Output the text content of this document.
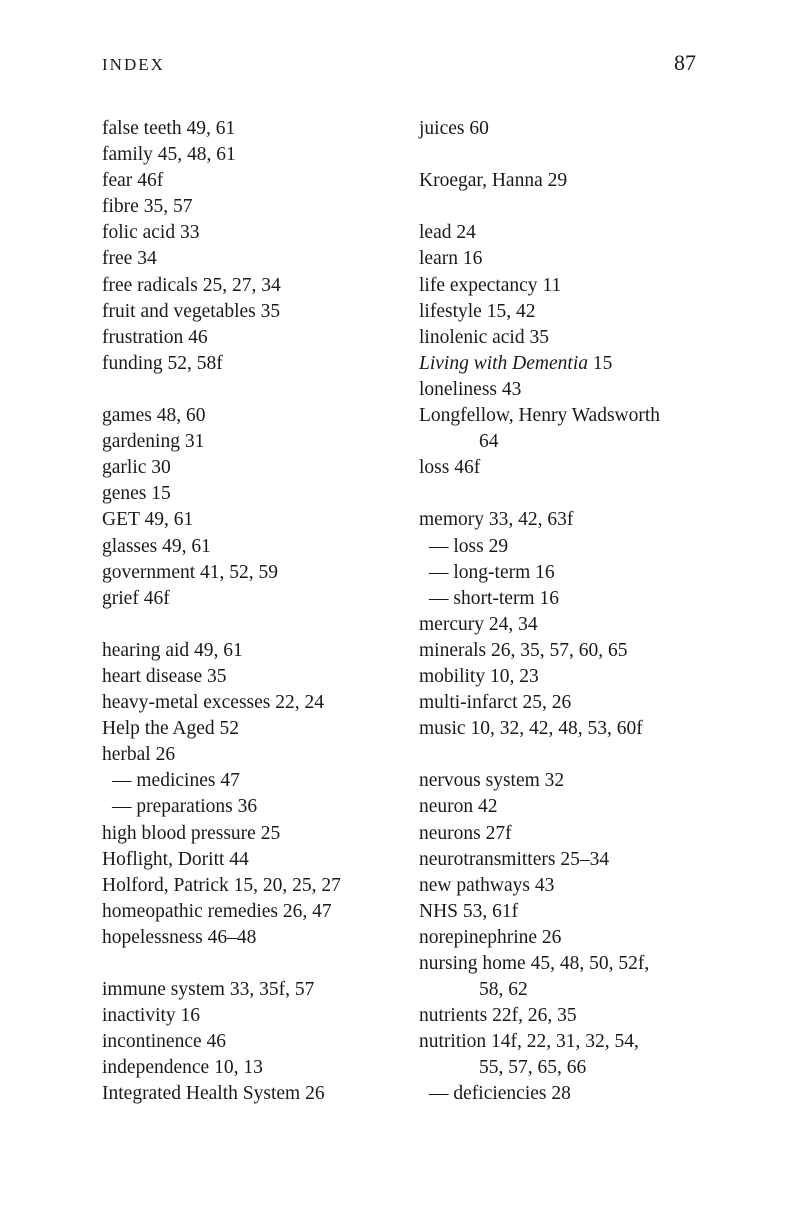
INDEX	87
false teeth 49, 61
family 45, 48, 61
fear 46f
fibre 35, 57
folic acid 33
free 34
free radicals 25, 27, 34
fruit and vegetables 35
frustration 46
funding 52, 58f
games 48, 60
gardening 31
garlic 30
genes 15
GET 49, 61
glasses 49, 61
government 41, 52, 59
grief 46f
hearing aid 49, 61
heart disease 35
heavy-metal excesses 22, 24
Help the Aged 52
herbal 26
— medicines 47
— preparations 36
high blood pressure 25
Hoflight, Doritt 44
Holford, Patrick 15, 20, 25, 27
homeopathic remedies 26, 47
hopelessness 46–48
immune system 33, 35f, 57
inactivity 16
incontinence 46
independence 10, 13
Integrated Health System 26
juices 60
Kroegar, Hanna 29
lead 24
learn 16
life expectancy 11
lifestyle 15, 42
linolenic acid 35
Living with Dementia 15
loneliness 43
Longfellow, Henry Wadsworth
64
loss 46f
memory 33, 42, 63f
— loss 29
— long-term 16
— short-term 16
mercury 24, 34
minerals 26, 35, 57, 60, 65
mobility 10, 23
multi-infarct 25, 26
music 10, 32, 42, 48, 53, 60f
nervous system 32
neuron 42
neurons 27f
neurotransmitters 25–34
new pathways 43
NHS 53, 61f
norepinephrine 26
nursing home 45, 48, 50, 52f,
58, 62
nutrients 22f, 26, 35
nutrition 14f, 22, 31, 32, 54,
55, 57, 65, 66
— deficiencies 28
